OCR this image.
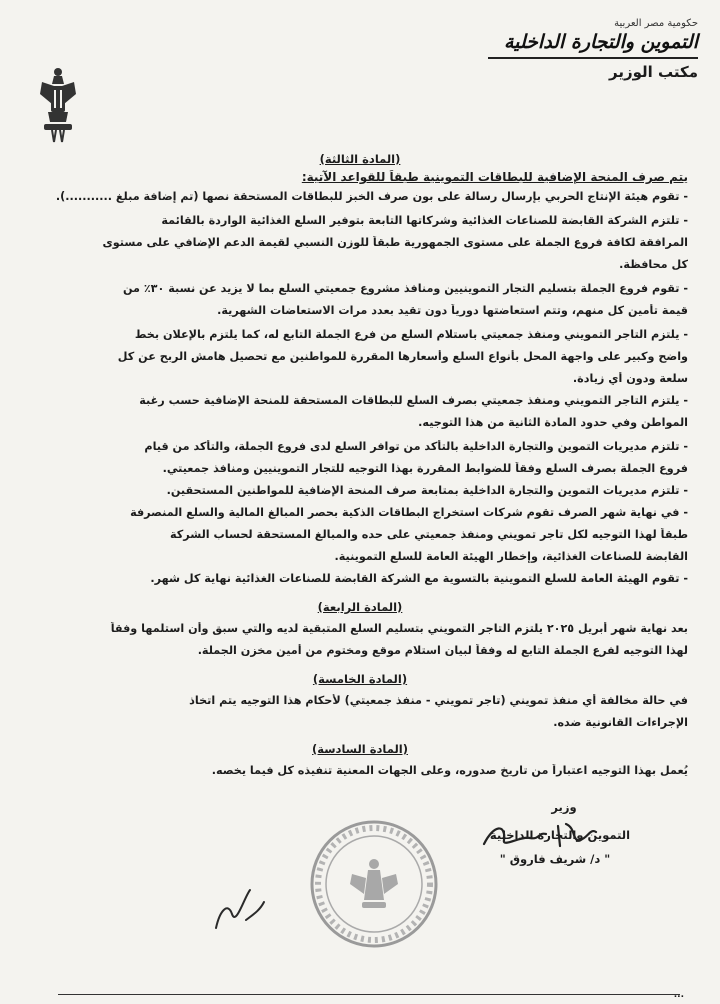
حكومية مصر العربية
التموين والتجارة الداخلية
مكتب الوزير
(المادة الثالثة)
يتم صرف المنحة الإضافية للبطاقات التموينية طبقاً للقواعد الآتية:
- تقوم هيئة الإنتاج الحربي بإرسال رسالة على بون صرف الخبز للبطاقات المستحقة نصها (تم إضافة مبلغ ...........).
- تلتزم الشركة القابضة للصناعات الغذائية وشركاتها التابعة بتوفير السلع الغذائية الواردة بالقائمة
المرافقة لكافة فروع الجملة على مستوى الجمهورية طبقاً للوزن النسبي لقيمة الدعم الإضافي على مستوى
كل محافظة.
- تقوم فروع الجملة بتسليم التجار التموينيين ومنافذ مشروع جمعيتي السلع بما لا يزيد عن نسبة ٣٠٪ من
قيمة تأمين كل منهم، وتتم استعاضتها دورياً دون تقيد بعدد مرات الاستعاضات الشهرية.
- يلتزم التاجر التمويني ومنفذ جمعيتي باستلام السلع من فرع الجملة التابع له، كما يلتزم بالإعلان بخط
واضح وكبير على واجهة المحل بأنواع السلع وأسعارها المقررة للمواطنين مع تحصيل هامش الربح عن كل
سلعة ودون أي زيادة.
- يلتزم التاجر التمويني ومنفذ جمعيتي بصرف السلع للبطاقات المستحقة للمنحة الإضافية حسب رغبة
المواطن وفي حدود المادة الثانية من هذا التوجيه.
- تلتزم مديريات التموين والتجارة الداخلية بالتأكد من توافر السلع لدى فروع الجملة، والتأكد من قيام
فروع الجملة بصرف السلع وفقاً للضوابط المقررة بهذا التوجيه للتجار التموينيين ومنافذ جمعيتي.
- تلتزم مديريات التموين والتجارة الداخلية بمتابعة صرف المنحة الإضافية للمواطنين المستحقين.
- في نهاية شهر الصرف تقوم شركات استخراج البطاقات الذكية بحصر المبالغ المالية والسلع المنصرفة
طبقاً لهذا التوجيه لكل تاجر تمويني ومنفذ جمعيتي على حده والمبالغ المستحقة لحساب الشركة
القابضة للصناعات الغذائية، وإخطار الهيئة العامة للسلع التموينية.
- تقوم الهيئة العامة للسلع التموينية بالتسوية مع الشركة القابضة للصناعات الغذائية نهاية كل شهر.
(المادة الرابعة)
بعد نهاية شهر أبريل ٢٠٢٥ يلتزم التاجر التمويني بتسليم السلع المتبقية لديه والتي سبق وأن استلمها وفقاً
لهذا التوجيه لفرع الجملة التابع له وفقاً لبيان استلام موقع ومختوم من أمين مخزن الجملة.
(المادة الخامسة)
في حالة مخالفة أي منفذ تمويني (تاجر تمويني - منفذ جمعيتي) لأحكام هذا التوجيه يتم اتخاذ
الإجراءات القانونية ضده.
(المادة السادسة)
يُعمل بهذا التوجيه اعتباراً من تاريخ صدوره، وعلى الجهات المعنية تنفيذه كل فيما يخصه.
وزير
التموين والتجارة الداخلية
" د/ شريف فاروق "
...
